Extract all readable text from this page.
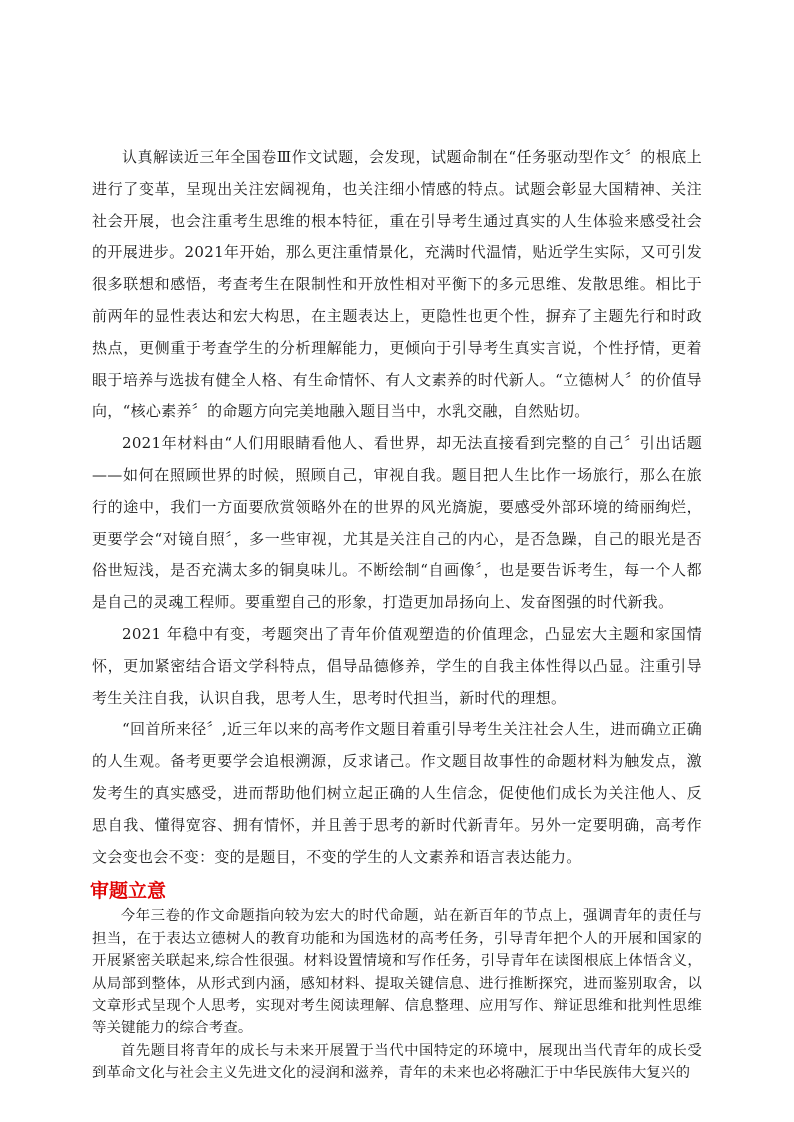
认真解读近三年全国卷Ⅲ作文试题，会发现，试题命制在“任务驱动型作文〞的根底上进行了变革，呈现出关注宏阔视角，也关注细小情感的特点。试题会彰显大国精神、关注社会开展，也会注重考生思维的根本特征，重在引导考生通过真实的人生体验来感受社会的开展进步。2021年开始，那么更注重情景化，充满时代温情，贴近学生实际，又可引发很多联想和感悟，考查考生在限制性和开放性相对平衡下的多元思维、发散思维。相比于前两年的显性表达和宏大构思，在主题表达上，更隐性也更个性，摒弃了主题先行和时政热点，更侧重于考查学生的分析理解能力，更倾向于引导考生真实言说，个性抒情，更着眼于培养与选拔有健全人格、有生命情怀、有人文素养的时代新人。“立德树人〞的价值导向，“核心素养〞的命题方向完美地融入题目当中，水乳交融，自然贴切。

2021年材料由“人们用眼睛看他人、看世界，却无法直接看到完整的自己〞引出话题——如何在照顾世界的时候，照顾自己，审视自我。题目把人生比作一场旅行，那么在旅行的途中，我们一方面要欣赏领略外在的世界的风光旖旎，要感受外部环境的绮丽绚烂，更要学会“对镜自照〞，多一些审视，尤其是关注自己的内心，是否急躁，自己的眼光是否俗世短浅，是否充满太多的铜臭味儿。不断绘制“自画像〞，也是要告诉考生，每一个人都是自己的灵魂工程师。要重塑自己的形象，打造更加昂扬向上、发奋图强的时代新我。

2021 年稳中有变，考题突出了青年价值观塑造的价值理念，凸显宏大主题和家国情怀，更加紧密结合语文学科特点，倡导品德修养，学生的自我主体性得以凸显。注重引导考生关注自我，认识自我，思考人生，思考时代担当，新时代的理想。

“回首所来径〞,近三年以来的高考作文题目着重引导考生关注社会人生，进而确立正确的人生观。备考更要学会追根溯源，反求诸己。作文题目故事性的命题材料为触发点，激发考生的真实感受，进而帮助他们树立起正确的人生信念，促使他们成长为关注他人、反思自我、懂得宽容、拥有情怀，并且善于思考的新时代新青年。另外一定要明确，高考作文会变也会不变：变的是题目，不变的学生的人文素养和语言表达能力。

审题立意

今年三卷的作文命题指向较为宏大的时代命题，站在新百年的节点上，强调青年的责任与担当，在于表达立德树人的教育功能和为国选材的高考任务，引导青年把个人的开展和国家的开展紧密关联起来,综合性很强。材料设置情境和写作任务，引导青年在读图根底上体悟含义，从局部到整体，从形式到内涵，感知材料、提取关键信息、进行推断探究，进而鉴别取舍，以文章形式呈现个人思考，实现对考生阅读理解、信息整理、应用写作、辩证思维和批判性思维等关键能力的综合考查。

首先题目将青年的成长与未来开展置于当代中国特定的环境中，展现出当代青年的成长受到革命文化与社会主义先进文化的浸润和滋养，青年的未来也必将融汇于中华民族伟大复兴的
